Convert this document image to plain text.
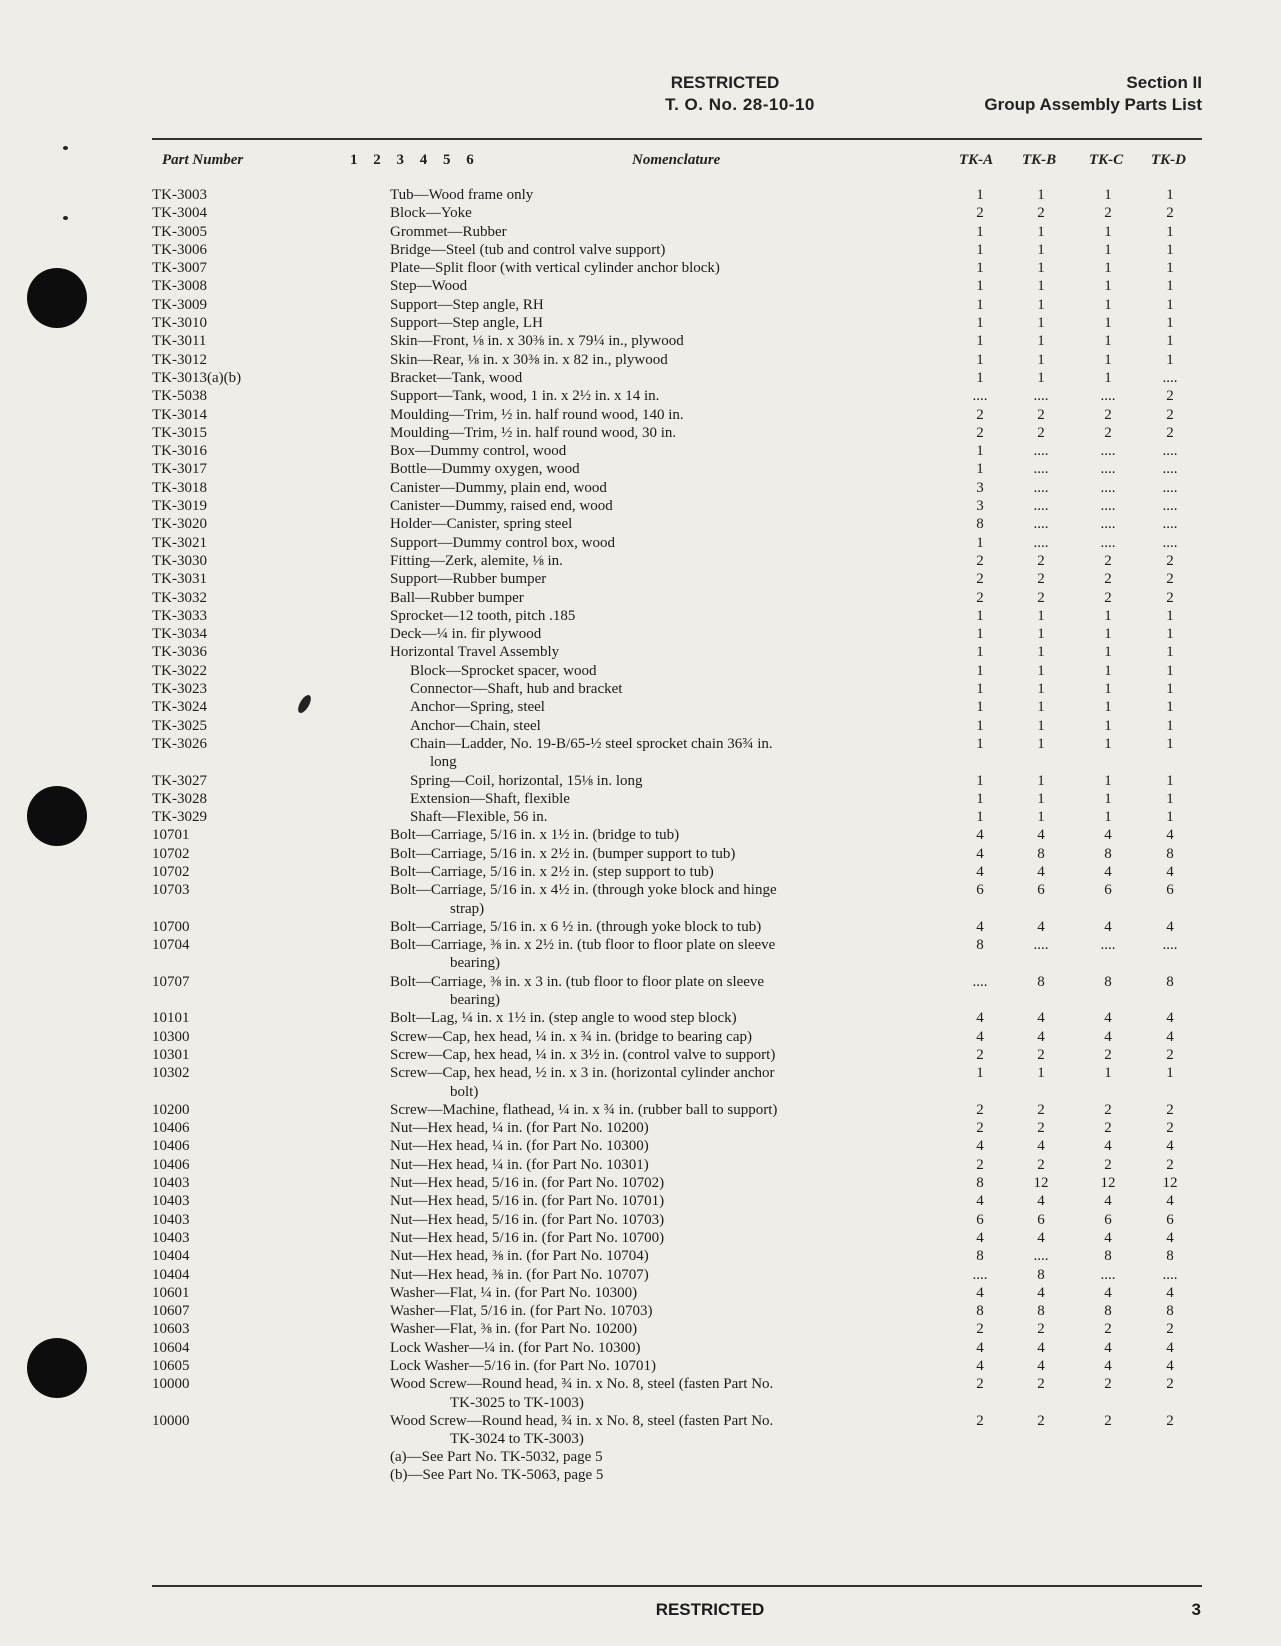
RESTRICTED
T. O. No. 28-10-10
Section II
Group Assembly Parts List
Part Number	1 2 3 4 5 6	Nomenclature	TK-A TK-B TK-C TK-D
TK-3003	Tub—Wood frame only	1	1	1	1
TK-3004	Block—Yoke	2	2	2	2
TK-3005	Grommet—Rubber	1	1	1	1
TK-3006	Bridge—Steel (tub and control valve support)	1	1	1	1
TK-3007	Plate—Split floor (with vertical cylinder anchor block)	1	1	1	1
TK-3008	Step—Wood	1	1	1	1
TK-3009	Support—Step angle, RH	1	1	1	1
TK-3010	Support—Step angle, LH	1	1	1	1
TK-3011	Skin—Front, ⅛ in. x 30⅜ in. x 79¼ in., plywood	1	1	1	1
TK-3012	Skin—Rear, ⅛ in. x 30⅜ in. x 82 in., plywood	1	1	1	1
TK-3013(a)(b)	Bracket—Tank, wood	1	1	1	....
TK-5038	Support—Tank, wood, 1 in. x 2½ in. x 14 in.	....	....	....	2
TK-3014	Moulding—Trim, ½ in. half round wood, 140 in.	2	2	2	2
TK-3015	Moulding—Trim, ½ in. half round wood, 30 in.	2	2	2	2
TK-3016	Box—Dummy control, wood	1	....	....	....
TK-3017	Bottle—Dummy oxygen, wood	1	....	....	....
TK-3018	Canister—Dummy, plain end, wood	3	....	....	....
TK-3019	Canister—Dummy, raised end, wood	3	....	....	....
TK-3020	Holder—Canister, spring steel	8	....	....	....
TK-3021	Support—Dummy control box, wood	1	....	....	....
TK-3030	Fitting—Zerk, alemite, ⅛ in.	2	2	2	2
TK-3031	Support—Rubber bumper	2	2	2	2
TK-3032	Ball—Rubber bumper	2	2	2	2
TK-3033	Sprocket—12 tooth, pitch .185	1	1	1	1
TK-3034	Deck—¼ in. fir plywood	1	1	1	1
TK-3036	Horizontal Travel Assembly	1	1	1	1
TK-3022	Block—Sprocket spacer, wood	1	1	1	1
TK-3023	Connector—Shaft, hub and bracket	1	1	1	1
TK-3024	Anchor—Spring, steel	1	1	1	1
TK-3025	Anchor—Chain, steel	1	1	1	1
TK-3026	Chain—Ladder, No. 19-B/65-½ steel sprocket chain 36¾ in.
long	1	1	1	1
TK-3027	Spring—Coil, horizontal, 15⅛ in. long	1	1	1	1
TK-3028	Extension—Shaft, flexible	1	1	1	1
TK-3029	Shaft—Flexible, 56 in.	1	1	1	1
10701	Bolt—Carriage, 5/16 in. x 1½ in. (bridge to tub)	4	4	4	4
10702	Bolt—Carriage, 5/16 in. x 2½ in. (bumper support to tub)	4	8	8	8
10702	Bolt—Carriage, 5/16 in. x 2½ in. (step support to tub)	4	4	4	4
10703	Bolt—Carriage, 5/16 in. x 4½ in. (through yoke block and hinge
strap)	6	6	6	6
10700	Bolt—Carriage, 5/16 in. x 6 ½ in. (through yoke block to tub)	4	4	4	4
10704	Bolt—Carriage, ⅜ in. x 2½ in. (tub floor to floor plate on sleeve
bearing)	8	....	....	....
10707	Bolt—Carriage, ⅜ in. x 3 in. (tub floor to floor plate on sleeve
bearing)	....	8	8	8
10101	Bolt—Lag, ¼ in. x 1½ in. (step angle to wood step block)	4	4	4	4
10300	Screw—Cap, hex head, ¼ in. x ¾ in. (bridge to bearing cap)	4	4	4	4
10301	Screw—Cap, hex head, ¼ in. x 3½ in. (control valve to support)	2	2	2	2
10302	Screw—Cap, hex head, ½ in. x 3 in. (horizontal cylinder anchor
bolt)	1	1	1	1
10200	Screw—Machine, flathead, ¼ in. x ¾ in. (rubber ball to support)	2	2	2	2
10406	Nut—Hex head, ¼ in. (for Part No. 10200)	2	2	2	2
10406	Nut—Hex head, ¼ in. (for Part No. 10300)	4	4	4	4
10406	Nut—Hex head, ¼ in. (for Part No. 10301)	2	2	2	2
10403	Nut—Hex head, 5/16 in. (for Part No. 10702)	8	12	12	12
10403	Nut—Hex head, 5/16 in. (for Part No. 10701)	4	4	4	4
10403	Nut—Hex head, 5/16 in. (for Part No. 10703)	6	6	6	6
10403	Nut—Hex head, 5/16 in. (for Part No. 10700)	4	4	4	4
10404	Nut—Hex head, ⅜ in. (for Part No. 10704)	8	....	8	8
10404	Nut—Hex head, ⅜ in. (for Part No. 10707)	....	8	....	....
10601	Washer—Flat, ¼ in. (for Part No. 10300)	4	4	4	4
10607	Washer—Flat, 5/16 in. (for Part No. 10703)	8	8	8	8
10603	Washer—Flat, ⅜ in. (for Part No. 10200)	2	2	2	2
10604	Lock Washer—¼ in. (for Part No. 10300)	4	4	4	4
10605	Lock Washer—5/16 in. (for Part No. 10701)	4	4	4	4
10000	Wood Screw—Round head, ¾ in. x No. 8, steel (fasten Part No.
TK-3025 to TK-1003)	2	2	2	2
10000	Wood Screw—Round head, ¾ in. x No. 8, steel (fasten Part No.
TK-3024 to TK-3003)	2	2	2	2
(a)—See Part No. TK-5032, page 5
(b)—See Part No. TK-5063, page 5
RESTRICTED	3
